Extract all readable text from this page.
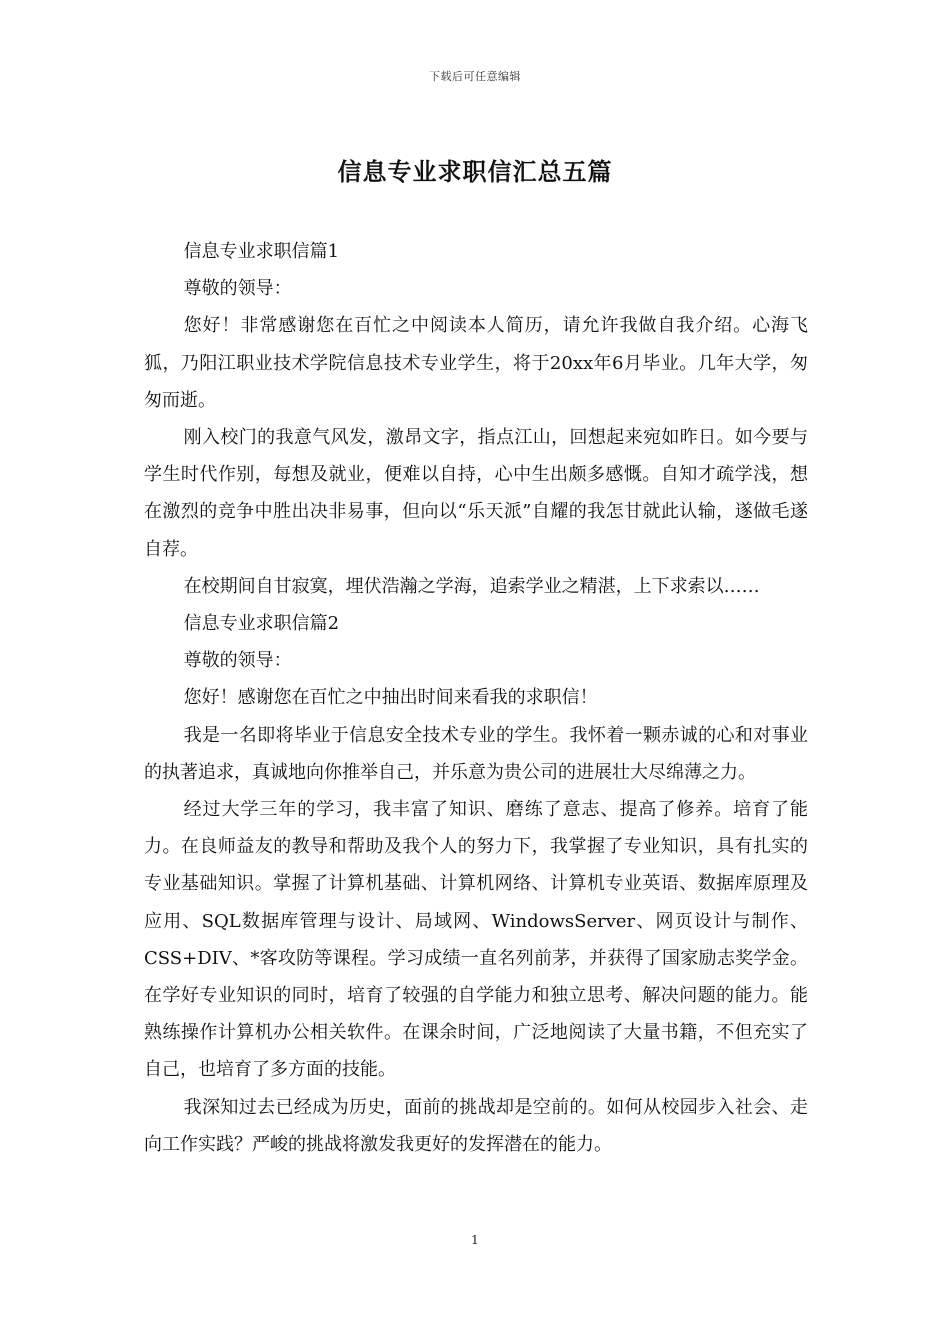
下载后可任意编辑
信息专业求职信汇总五篇

信息专业求职信篇1

尊敬的领导：

您好！非常感谢您在百忙之中阅读本人简历，请允许我做自我介绍。心海飞狐，乃阳江职业技术学院信息技术专业学生，将于20xx年6月毕业。几年大学，匆匆而逝。

刚入校门的我意气风发，激昂文字，指点江山，回想起来宛如昨日。如今要与学生时代作别，每想及就业，便难以自持，心中生出颇多感慨。自知才疏学浅，想在激烈的竞争中胜出决非易事，但向以“乐天派”自耀的我怎甘就此认输，遂做毛遂自荐。

在校期间自甘寂寞，埋伏浩瀚之学海，追索学业之精湛，上下求索以……

信息专业求职信篇2

尊敬的领导：

您好！感谢您在百忙之中抽出时间来看我的求职信！

我是一名即将毕业于信息安全技术专业的学生。我怀着一颗赤诚的心和对事业的执著追求，真诚地向你推举自己，并乐意为贵公司的进展壮大尽绵薄之力。

经过大学三年的学习，我丰富了知识、磨练了意志、提高了修养。培育了能力。在良师益友的教导和帮助及我个人的努力下，我掌握了专业知识，具有扎实的专业基础知识。掌握了计算机基础、计算机网络、计算机专业英语、数据库原理及应用、SQL数据库管理与设计、局域网、WindowsServer、网页设计与制作、CSS+DIV、*客攻防等课程。学习成绩一直名列前茅，并获得了国家励志奖学金。在学好专业知识的同时，培育了较强的自学能力和独立思考、解决问题的能力。能熟练操作计算机办公相关软件。在课余时间，广泛地阅读了大量书籍，不但充实了自己，也培育了多方面的技能。

我深知过去已经成为历史，面前的挑战却是空前的。如何从校园步入社会、走向工作实践？严峻的挑战将激发我更好的发挥潜在的能力。

1
